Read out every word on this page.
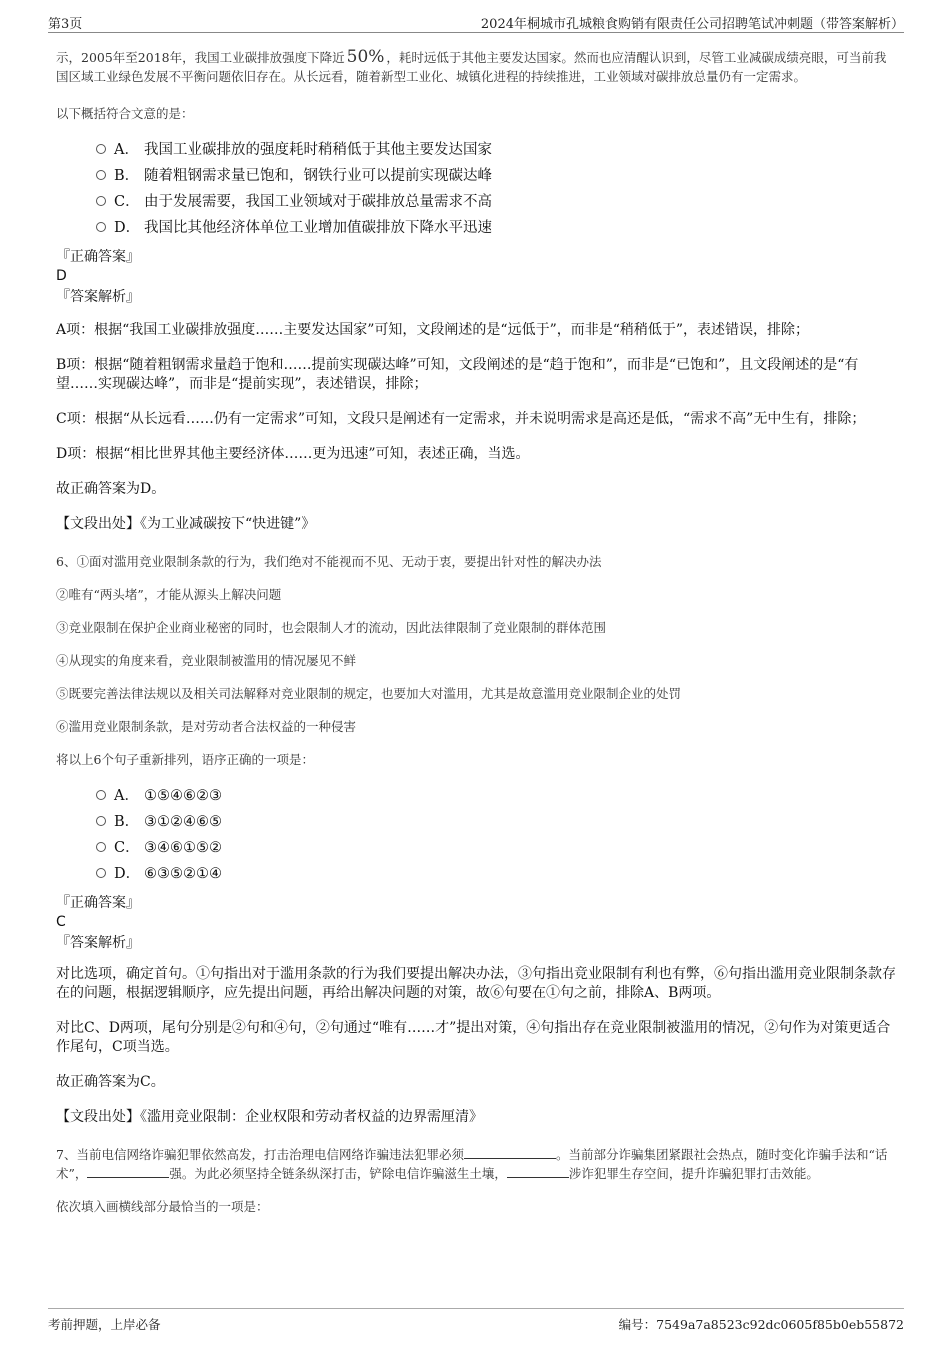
第3页	2024年桐城市孔城粮食购销有限责任公司招聘笔试冲刺题（带答案解析）

示，2005年至2018年，我国工业碳排放强度下降近 50% ，耗时远低于其他主要发达国家。然而也应清醒认识到，尽管工业减碳成绩亮眼，可当前我国区域工业绿色发展不平衡问题依旧存在。从长远看，随着新型工业化、城镇化进程的持续推进，工业领域对碳排放总量仍有一定需求。

以下概括符合文意的是：

A． 我国工业碳排放的强度耗时稍稍低于其他主要发达国家
B． 随着粗钢需求量已饱和，钢铁行业可以提前实现碳达峰
C． 由于发展需要，我国工业领域对于碳排放总量需求不高
D． 我国比其他经济体单位工业增加值碳排放下降水平迅速

『正确答案』

D

『答案解析』

A项：根据“我国工业碳排放强度……主要发达国家”可知，文段阐述的是“远低于”，而非是“稍稍低于”，表述错误，排除；

B项：根据“随着粗钢需求量趋于饱和……提前实现碳达峰”可知，文段阐述的是“趋于饱和”，而非是“已饱和”，且文段阐述的是“有望……实现碳达峰”，而非是“提前实现”，表述错误，排除；

C项：根据“从长远看……仍有一定需求”可知，文段只是阐述有一定需求，并未说明需求是高还是低，“需求不高”无中生有，排除；

D项：根据“相比世界其他主要经济体……更为迅速”可知，表述正确，当选。

故正确答案为D。

【文段出处】《为工业减碳按下“快进键”》

6、①面对滥用竞业限制条款的行为，我们绝对不能视而不见、无动于衷，要提出针对性的解决办法

②唯有“两头堵”，才能从源头上解决问题

③竞业限制在保护企业商业秘密的同时，也会限制人才的流动，因此法律限制了竞业限制的群体范围

④从现实的角度来看，竞业限制被滥用的情况屡见不鲜

⑤既要完善法律法规以及相关司法解释对竞业限制的规定，也要加大对滥用，尤其是故意滥用竞业限制企业的处罚

⑥滥用竞业限制条款，是对劳动者合法权益的一种侵害

将以上6个句子重新排列，语序正确的一项是：

A． ①⑤④⑥②③
B． ③①②④⑥⑤
C． ③④⑥①⑤②
D． ⑥③⑤②①④

『正确答案』

C

『答案解析』

对比选项，确定首句。①句指出对于滥用条款的行为我们要提出解决办法，③句指出竞业限制有利也有弊，⑥句指出滥用竞业限制条款存在的问题，根据逻辑顺序，应先提出问题，再给出解决问题的对策，故⑥句要在①句之前，排除A、B两项。

对比C、D两项，尾句分别是②句和④句，②句通过“唯有……才”提出对策，④句指出存在竞业限制被滥用的情况，②句作为对策更适合作尾句，C项当选。

故正确答案为C。

【文段出处】《滥用竞业限制：企业权限和劳动者权益的边界需厘清》

7、当前电信网络诈骗犯罪依然高发，打击治理电信网络诈骗违法犯罪必须	。当前部分诈骗集团紧跟社会热点，随时变化诈骗手法和“话术”，	强。为此必须坚持全链条纵深打击，铲除电信诈骗滋生土壤，	涉诈犯罪生存空间，提升诈骗犯罪打击效能。

依次填入画横线部分最恰当的一项是：

考前押题，上岸必备	编号：7549a7a8523c92dc0605f85b0eb55872
